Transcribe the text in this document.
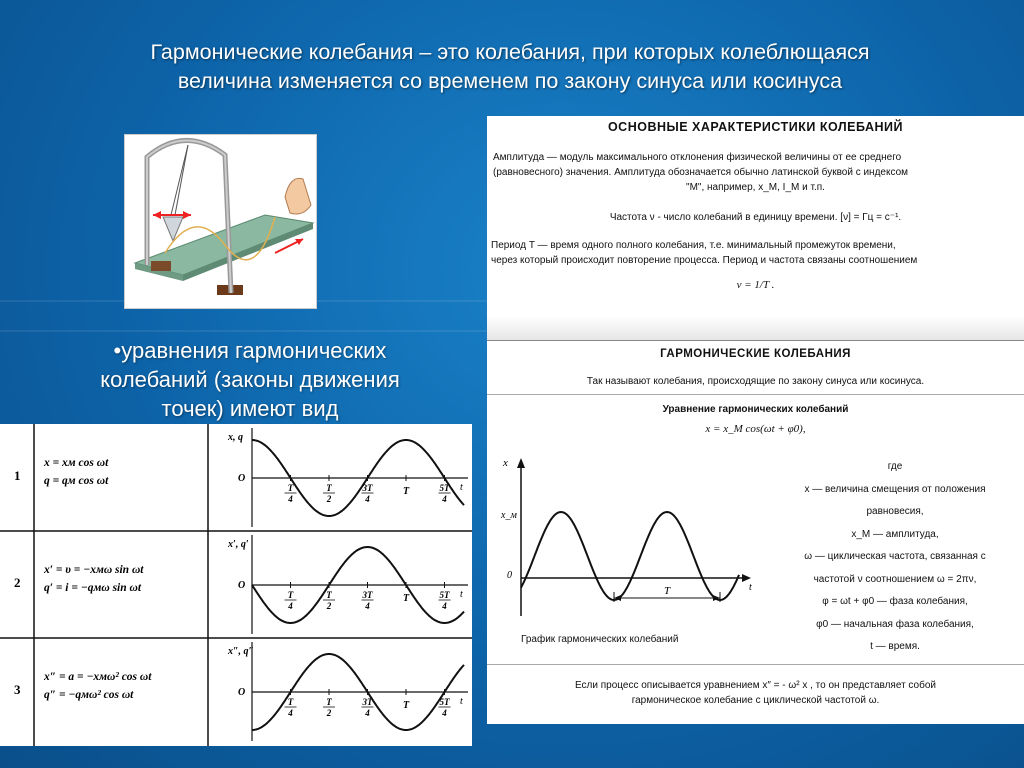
Гармонические колебания – это колебания, при которых колеблющаяся
величина изменяется со временем по закону синуса или косинуса
•уравнения гармонических
колебаний (законы движения
точек) имеют вид
1
x = xм cos ωt
q = qм cos ωt
x, q
O
t
T
4
T
2
3T
4
T	5T
4
2
x′ = υ = −xмω sin ωt
q′ = i = −qмω sin ωt
x′, q′
O
t
T
4
T
2
3T
4
T	5T
4
3
x″ = a = −xмω² cos ωt
q″ = −qмω² cos ωt
x″, q″
O
t
T
4
T
2
3T
4
T	5T
4
ОСНОВНЫЕ ХАРАКТЕРИСТИКИ КОЛЕБАНИЙ
Амплитуда — модуль максимального отклонения физической величины от ее среднего
(равновесного) значения. Амплитуда обозначается обычно латинской буквой с индексом
"М", например, x_M, I_M и т.п.
Частота ν - число колебаний в единицу времени. [ν] = Гц = с⁻¹.
Период T — время одного полного колебания, т.е. минимальный промежуток времени,
через который происходит повторение процесса. Период и частота связаны соотношением
ν = 1/T .
ГАРМОНИЧЕСКИЕ КОЛЕБАНИЯ
Так называют колебания, происходящие по закону синуса или косинуса.
Уравнение гармонических колебаний
x = x_M cos(ωt + φ0),
где
x — величина смещения от положения
равновесия,
x_M — амплитуда,
ω — циклическая частота, связанная с
частотой ν соотношением ω = 2πν,
φ = ωt + φ0 — фаза колебания,
φ0 — начальная фаза колебания,
t — время.
x
x_м
0
t
T
График гармонических колебаний
Если процесс описывается уравнением x″ = - ω² x , то он представляет собой
гармоническое колебание с циклической частотой ω.
